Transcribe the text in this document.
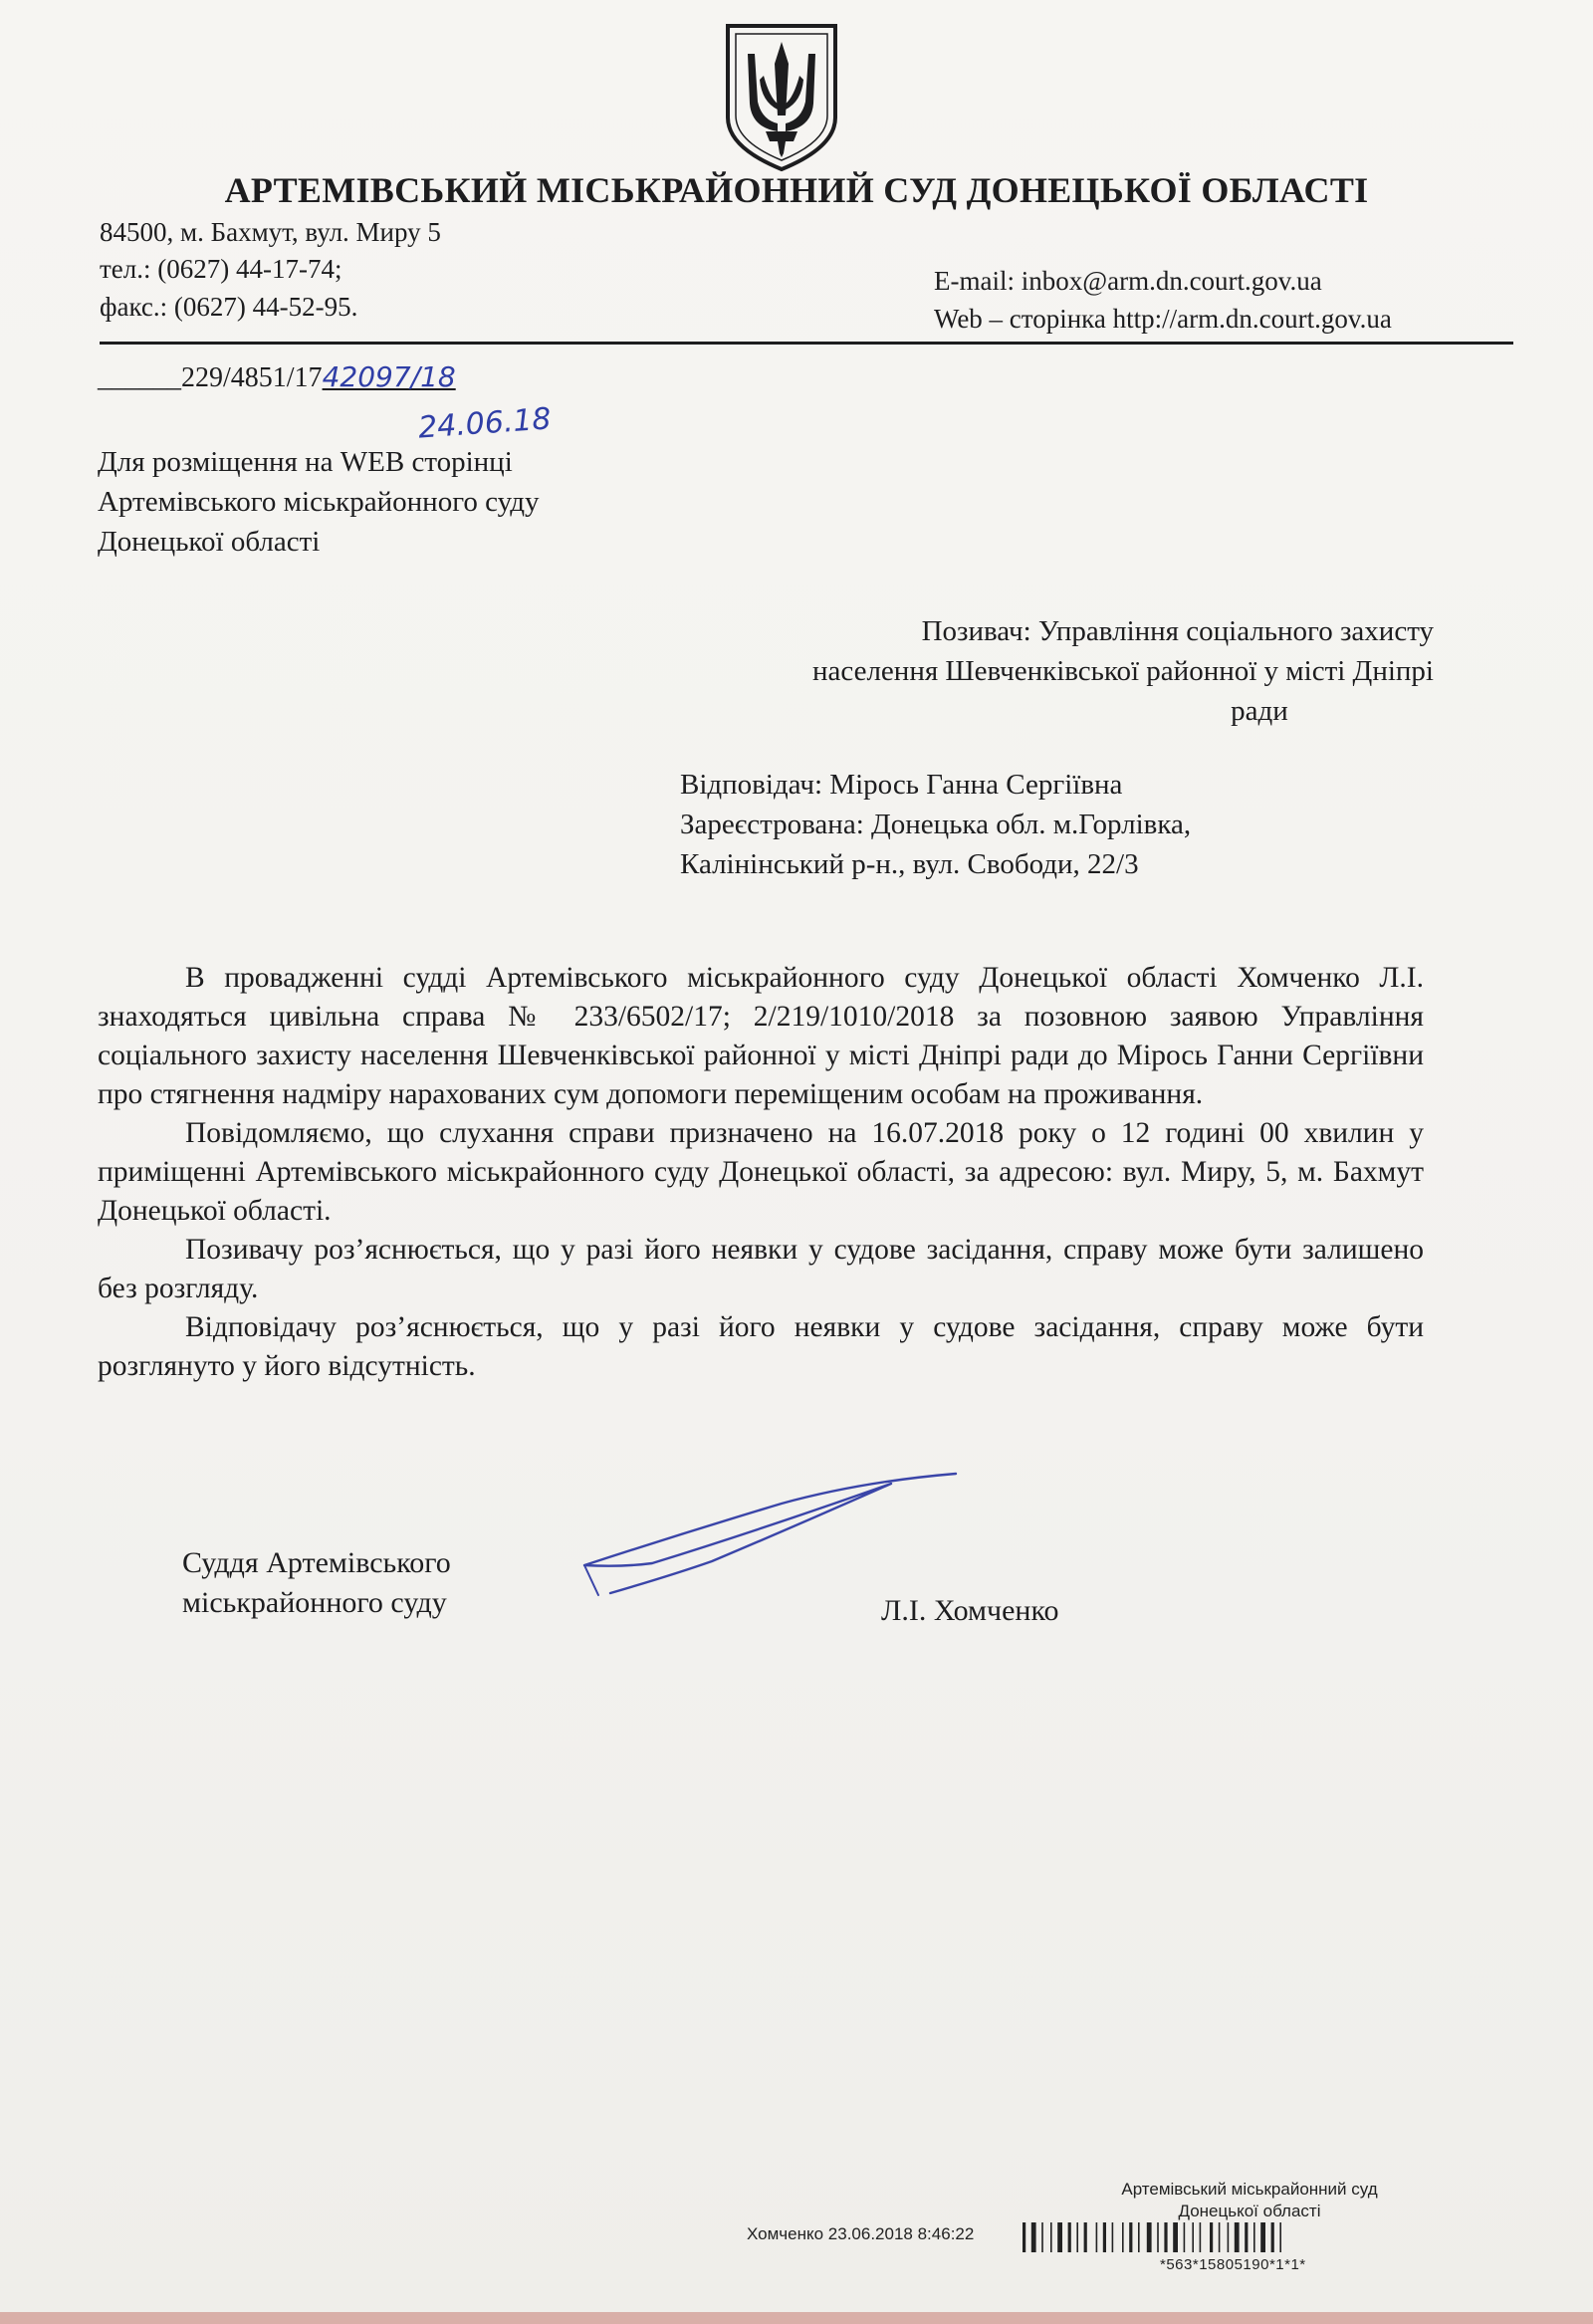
АРТЕМІВСЬКИЙ МІСЬКРАЙОННИЙ СУД ДОНЕЦЬКОЇ ОБЛАСТІ

84500, м. Бахмут, вул. Миру 5

тел.: (0627) 44-17-74;

факс.: (0627) 44-52-95.

E-mail: inbox@arm.dn.court.gov.ua

Web – сторінка http://arm.dn.court.gov.ua

______229/4851/1742097/18

24.06.18

Для розміщення на WEB сторінці
Артемівського міськрайонного суду
Донецької області
Позивач: Управління соціального захисту
населення Шевченківської районної у місті Дніпрі
ради
Відповідач: Мірось Ганна Сергіївна
Зареєстрована: Донецька обл. м.Горлівка,
Калінінський р-н., вул. Свободи, 22/3

В провадженні судді Артемівського міськрайонного суду Донецької області Хомченко Л.І. знаходяться цивільна справа № 233/6502/17; 2/219/1010/2018 за позовною заявою Управління соціального захисту населення Шевченківської районної у місті Дніпрі ради до Мірось Ганни Сергіївни про стягнення надміру нарахованих сум допомоги переміщеним особам на проживання.

Повідомляємо, що слухання справи призначено на 16.07.2018 року о 12 годині 00 хвилин у приміщенні Артемівського міськрайонного суду Донецької області, за адресою: вул. Миру, 5, м. Бахмут Донецької області.

Позивачу роз’яснюється, що у разі його неявки у судове засідання, справу може бути залишено без розгляду.

Відповідачу роз’яснюється, що у разі його неявки у судове засідання, справу може бути розглянуто у його відсутність.

Суддя Артемівського
міськрайонного суду	Л.І. Хомченко

Артемівський міськрайонний суд
Донецької області

Хомченко 23.06.2018 8:46:22

*563*15805190*1*1*
